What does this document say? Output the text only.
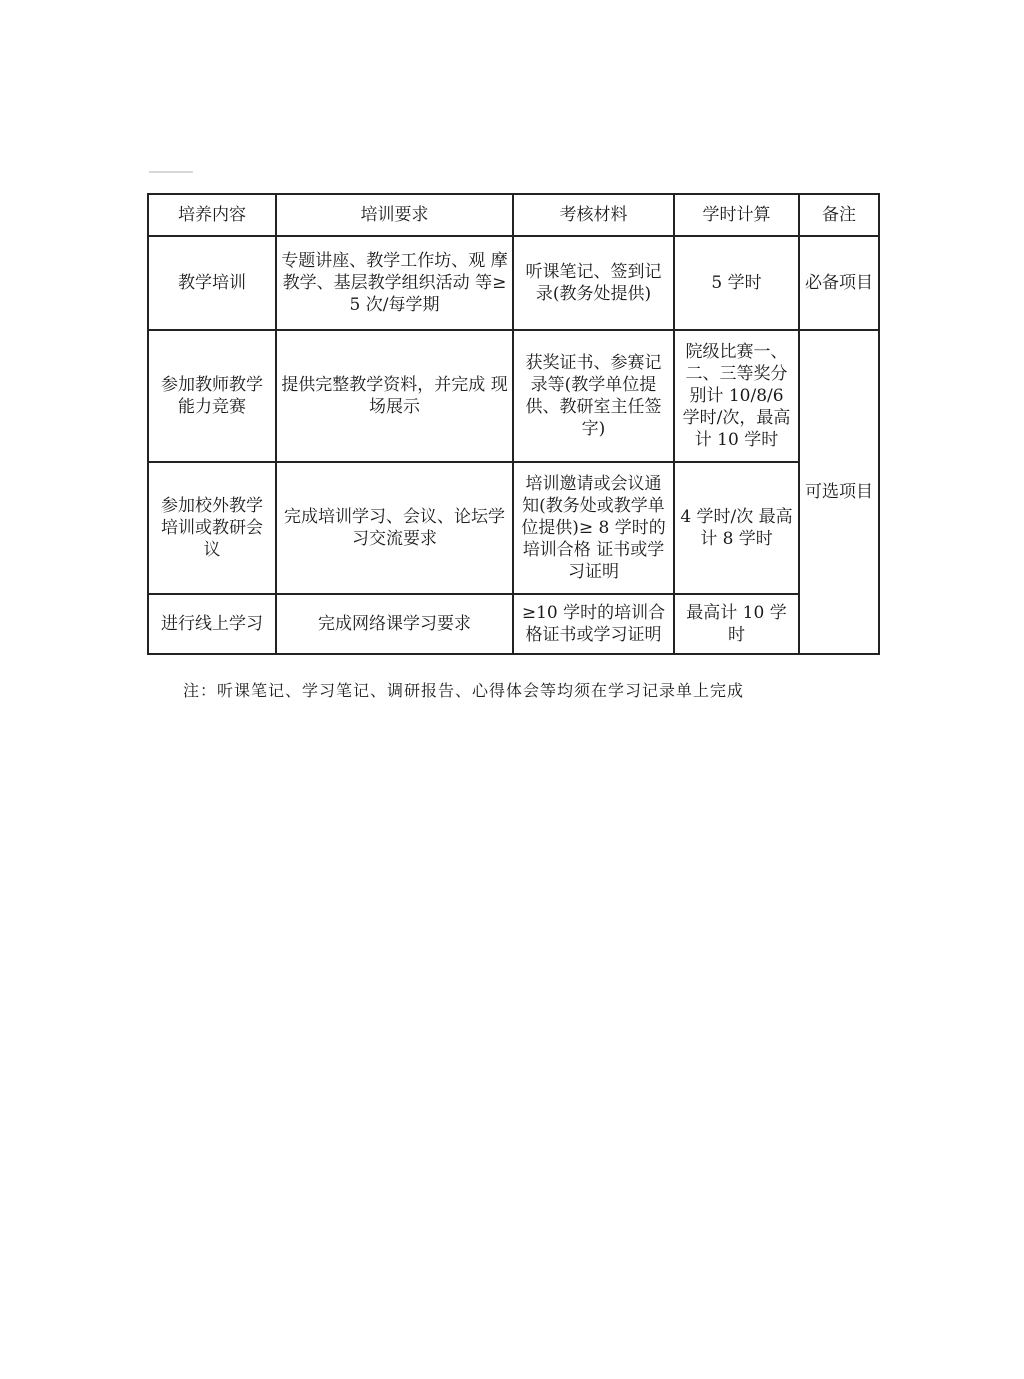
培养内容	培训要求	考核材料	学时计算	备注
教学培训	专题讲座、教学工作坊、观 摩教学、基层教学组织活动 等≥5 次/每学期	听课笔记、签到记录(教务处提供)	5 学时	必备项目
参加教师教学能力竞赛	提供完整教学资料，并完成 现场展示	获奖证书、参赛记录等(教学单位提供、教研室主任签字)	院级比赛一、二、三等奖分别计 10/8/6 学时/次，最高计 10 学时	可选项目
参加校外教学培训或教研会议	完成培训学习、会议、论坛学习交流要求	培训邀请或会议通知(教务处或教学单位提供)≥ 8 学时的培训合格 证书或学习证明	4 学时/次 最高计 8 学时	
进行线上学习	完成网络课学习要求	≥10 学时的培训合格证书或学习证明	最高计 10 学时	
注：听课笔记、学习笔记、调研报告、心得体会等均须在学习记录单上完成
